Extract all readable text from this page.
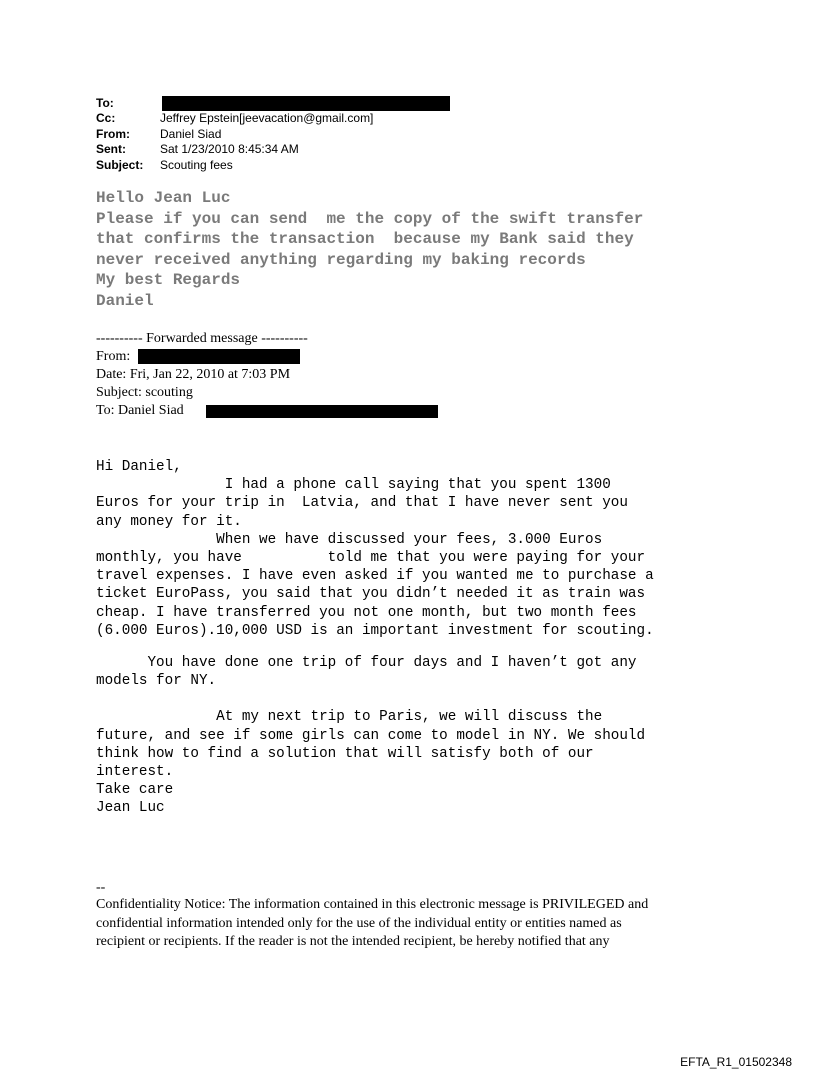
To:
Cc:	Jeffrey Epstein[jeevacation@gmail.com]
From:	Daniel Siad
Sent:	Sat 1/23/2010 8:45:34 AM
Subject: Scouting fees
Hello Jean Luc
Please if you can send  me the copy of the swift transfer
that confirms the transaction  because my Bank said they
never received anything regarding my baking records
My best Regards
Daniel
---------- Forwarded message ----------
From:
Date: Fri, Jan 22, 2010 at 7:03 PM
Subject: scouting
To: Daniel Siad
Hi Daniel,
I had a phone call saying that you spent 1300
Euros for your trip in  Latvia, and that I have never sent you
any money for it.
When we have discussed your fees, 3.000 Euros
monthly, you have          told me that you were paying for your
travel expenses. I have even asked if you wanted me to purchase a
ticket EuroPass, you said that you didn’t needed it as train was
cheap. I have transferred you not one month, but two month fees
(6.000 Euros).10,000 USD is an important investment for scouting.
You have done one trip of four days and I haven’t got any
models for NY.
At my next trip to Paris, we will discuss the
future, and see if some girls can come to model in NY. We should
think how to find a solution that will satisfy both of our
interest.
Take care
Jean Luc
--
Confidentiality Notice: The information contained in this electronic message is PRIVILEGED and
confidential information intended only for the use of the individual entity or entities named as
recipient or recipients. If the reader is not the intended recipient, be hereby notified that any
EFTA_R1_01502348
